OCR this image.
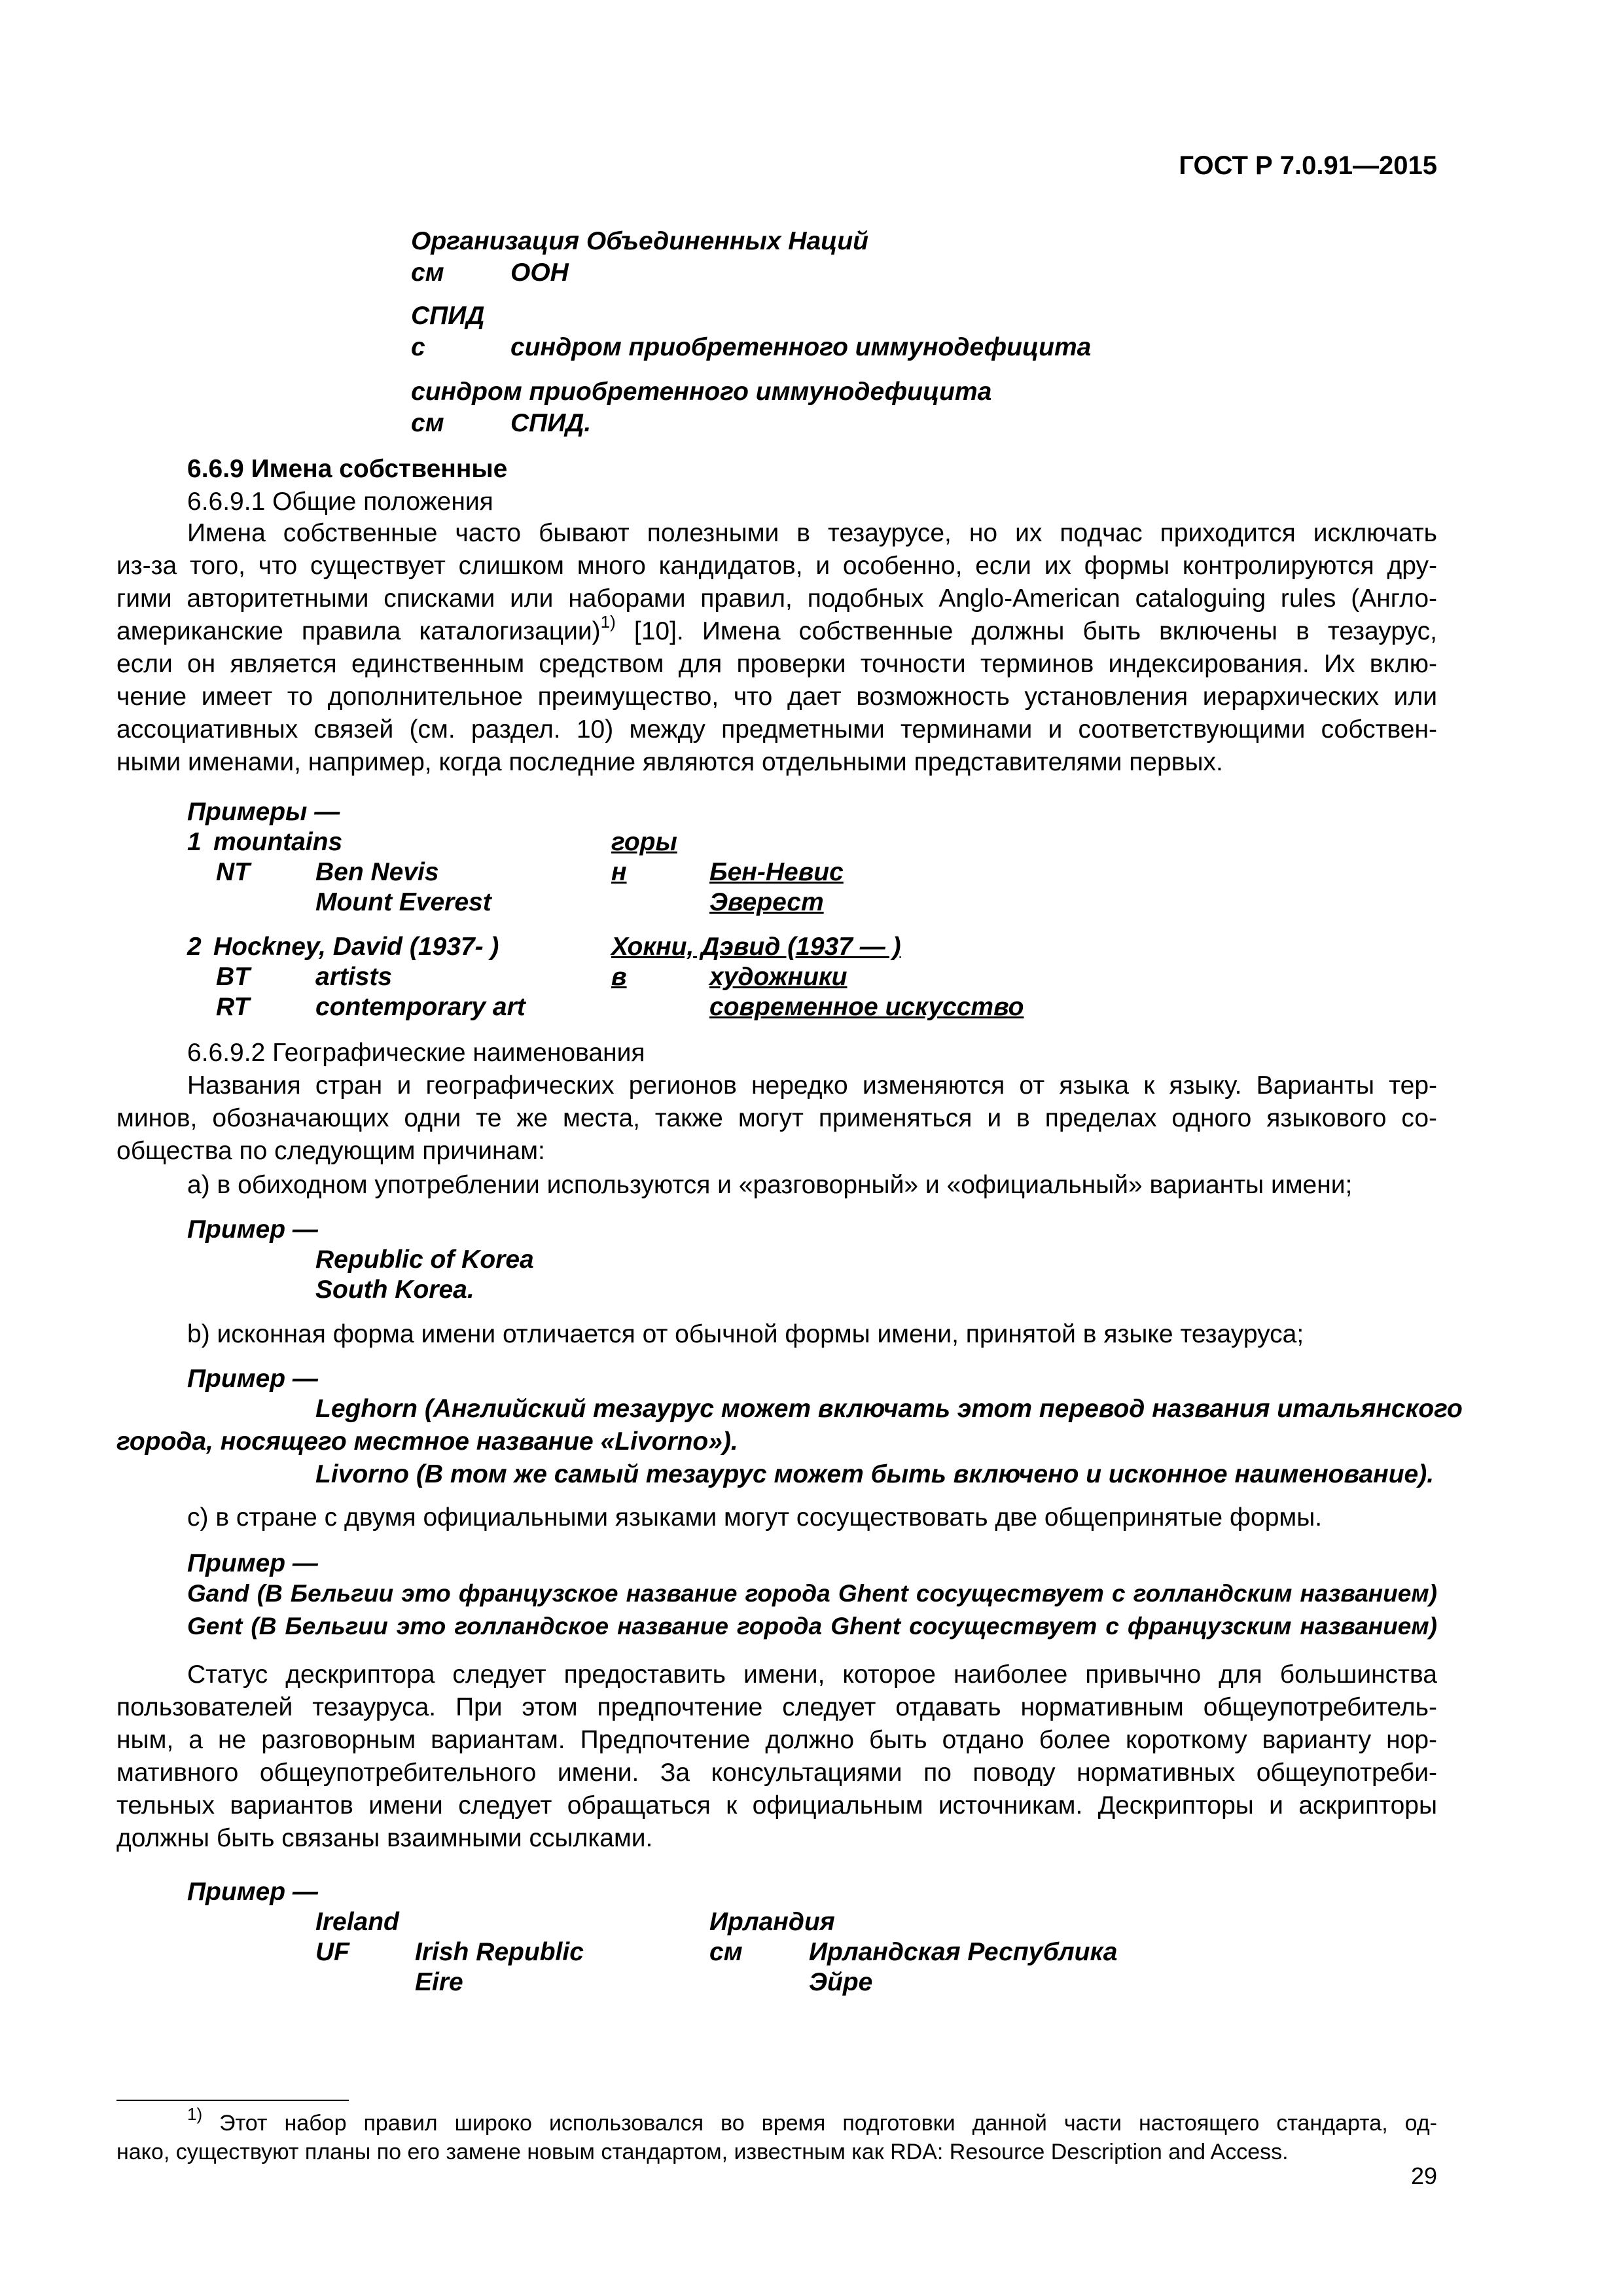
ГОСТ Р 7.0.91—2015
Организация Объединенных Наций
см	ООН
СПИД
с	синдром приобретенного иммунодефицита
синдром приобретенного иммунодефицита
см	СПИД.
6.6.9 Имена собственные
6.6.9.1 Общие положения
Имена собственные часто бывают полезными в тезаурусе, но их подчас приходится исключать
из-за того, что существует слишком много кандидатов, и особенно, если их формы контролируются дру-
гими авторитетными списками или наборами правил, подобных Anglo-American cataloguing rules (Англо-
американские правила каталогизации)$^{1)}$ [10]. Имена собственные должны быть включены в тезаурус,
если он является единственным средством для проверки точности терминов индексирования. Их вклю-
чение имеет то дополнительное преимущество, что дает возможность установления иерархических или
ассоциативных связей (см. раздел. 10) между предметными терминами и соответствующими собствен-
ными именами, например, когда последние являются отдельными представителями первых.
Примеры —
1 mountains	горы
NT	Ben Nevis	н	Бен-Невис
Mount Everest	Эверест
2 Hockney, David (1937- )	Хокни, Дэвид (1937 — )
BT	artists	в	художники
RT	contemporary art	современное искусство
6.6.9.2 Географические наименования
Названия стран и географических регионов нередко изменяются от языка к языку. Варианты тер-
минов, обозначающих одни те же места, также могут применяться и в пределах одного языкового со-
общества по следующим причинам:
а) в обиходном употреблении используются и «разговорный» и «официальный» варианты имени;
Пример —
Republic of Korea
South Korea.
b) исконная форма имени отличается от обычной формы имени, принятой в языке тезауруса;
Пример —
Leghorn (Английский тезаурус может включать этот перевод названия итальянского
города, носящего местное название «Livorno»).
Livorno (В том же самый тезаурус может быть включено и исконное наименование).
с) в стране с двумя официальными языками могут сосуществовать две общепринятые формы.
Пример —
Gand (В Бельгии это французское название города Ghent сосуществует с голландским названием)
Gent (В Бельгии это голландское название города Ghent сосуществует с французским названием)
Статус дескриптора следует предоставить имени, которое наиболее привычно для большинства
пользователей тезауруса. При этом предпочтение следует отдавать нормативным общеупотребитель-
ным, а не разговорным вариантам. Предпочтение должно быть отдано более короткому варианту нор-
мативного общеупотребительного имени. За консультациями по поводу нормативных общеупотреби-
тельных вариантов имени следует обращаться к официальным источникам. Дескрипторы и аскрипторы
должны быть связаны взаимными ссылками.
Пример —
Ireland	Ирландия
UF	Irish Republic	см	Ирландская Республика
Eire	Эйре
$^{1)}$ Этот набор правил широко использовался во время подготовки данной части настоящего стандарта, од-
нако, существуют планы по его замене новым стандартом, известным как RDA: Resource Description and Access.
29
